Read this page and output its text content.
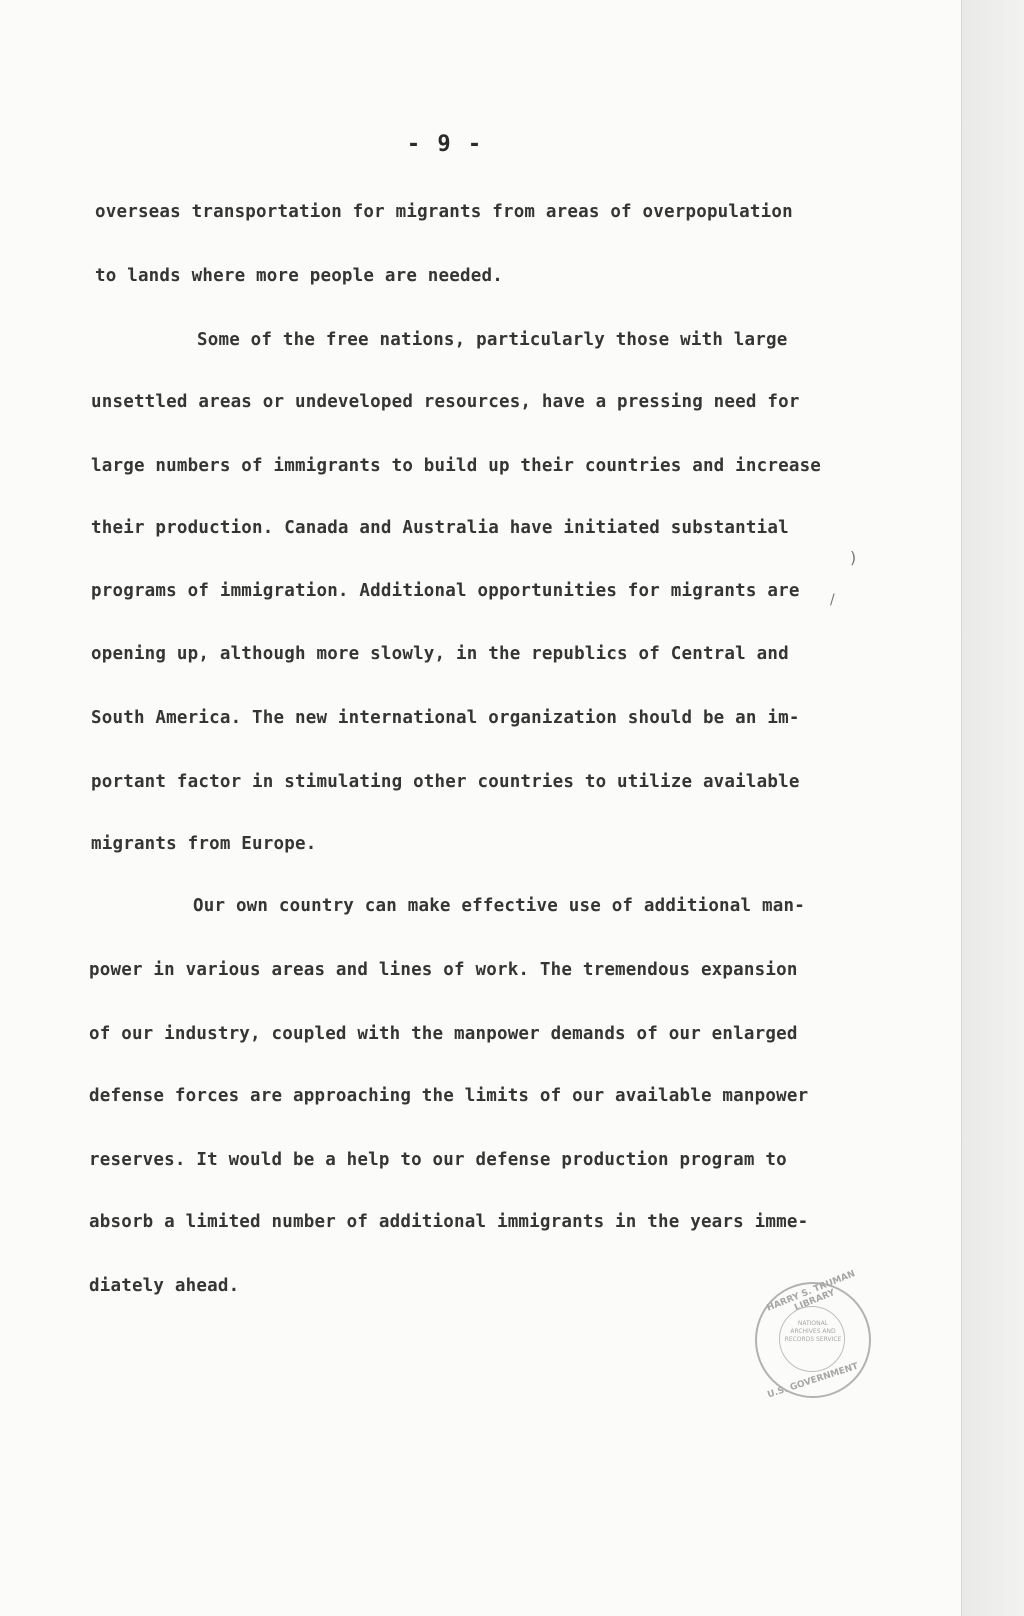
- 9 -
overseas transportation for migrants from areas of overpopulation
to lands where more people are needed.
Some of the free nations, particularly those with large
unsettled areas or undeveloped resources, have a pressing need for
large numbers of immigrants to build up their countries and increase
their production. Canada and Australia have initiated substantial
programs of immigration. Additional opportunities for migrants are
opening up, although more slowly, in the republics of Central and
South America. The new international organization should be an im-
portant factor in stimulating other countries to utilize available
migrants from Europe.
Our own country can make effective use of additional man-
power in various areas and lines of work. The tremendous expansion
of our industry, coupled with the manpower demands of our enlarged
defense forces are approaching the limits of our available manpower
reserves. It would be a help to our defense production program to
absorb a limited number of additional immigrants in the years imme-
diately ahead.
)
/
HARRY S. TRUMAN LIBRARY
NATIONAL ARCHIVES AND RECORDS SERVICE
U.S. GOVERNMENT
